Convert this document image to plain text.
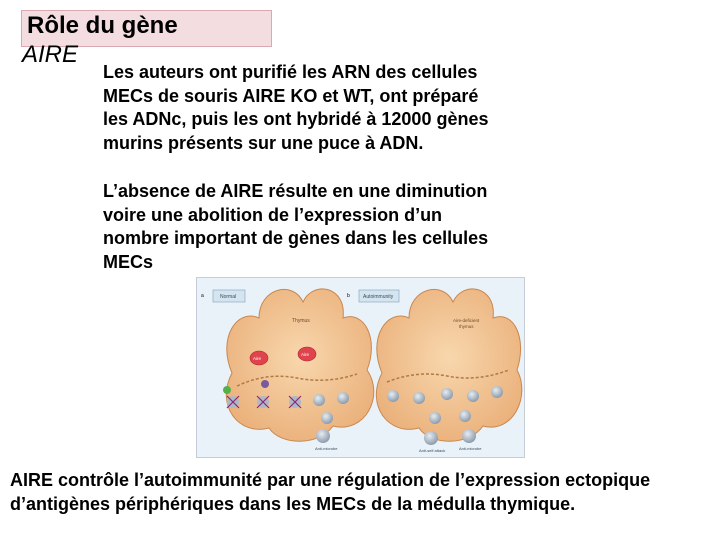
Rôle du gène
AIRE
Les auteurs ont purifié les ARN des cellules
MECs de souris AIRE KO et WT, ont préparé
les ADNc, puis les ont hybridé à 12000 gènes
murins présents sur une puce à ADN.
L’absence de AIRE résulte en une diminution
voire une abolition de l’expression d’un
nombre important de gènes dans les cellules
MECs
a	Normal
Thymus
Aire
Aire
Anti-microbe
b	Autoimmunity
Aire-deficient
thymus
Anti-self attack	Anti-microbe
AIRE contrôle l’autoimmunité par une régulation de l’expression ectopique
d’antigènes périphériques dans les MECs de la médulla thymique.
